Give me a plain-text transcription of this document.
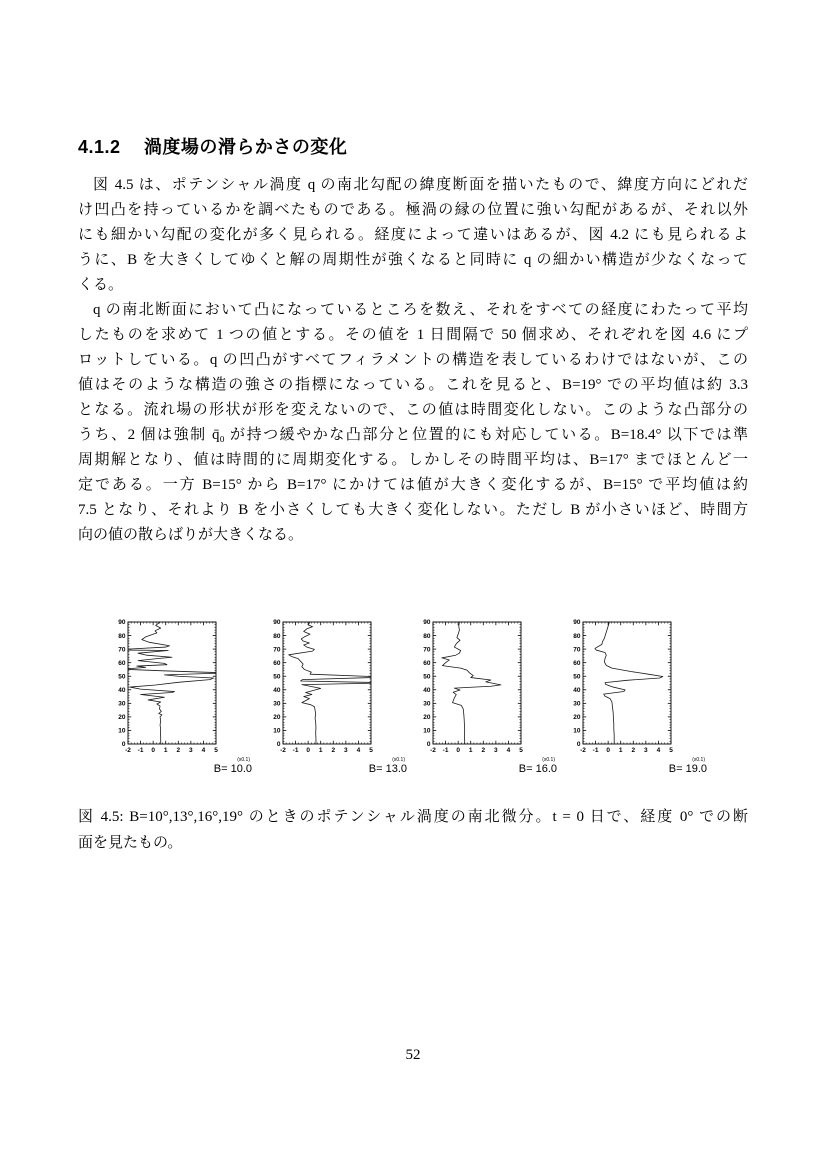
4.1.2 渦度場の滑らかさの変化
図 4.5 は、ポテンシャル渦度 q の南北勾配の緯度断面を描いたもので、緯度方向にどれだ
け凹凸を持っているかを調べたものである。極渦の縁の位置に強い勾配があるが、それ以外
にも細かい勾配の変化が多く見られる。経度によって違いはあるが、図 4.2 にも見られるよ
うに、B を大きくしてゆくと解の周期性が強くなると同時に q の細かい構造が少なくなって
くる。
q の南北断面において凸になっているところを数え、それをすべての経度にわたって平均
したものを求めて 1 つの値とする。その値を 1 日間隔で 50 個求め、それぞれを図 4.6 にプ
ロットしている。q の凹凸がすべてフィラメントの構造を表しているわけではないが、この
値はそのような構造の強さの指標になっている。これを見ると、B=19° での平均値は約 3.3
となる。流れ場の形状が形を変えないので、この値は時間変化しない。このような凸部分の
うち、2 個は強制 q̄₀ が持つ緩やかな凸部分と位置的にも対応している。B=18.4° 以下では準
周期解となり、値は時間的に周期変化する。しかしその時間平均は、B=17° までほとんど一
定である。一方 B=15° から B=17° にかけては値が大きく変化するが、B=15° で平均値は約
7.5 となり、それより B を小さくしても大きく変化しない。ただし B が小さいほど、時間方
向の値の散らばりが大きくなる。
0
10
20
30
40
50
60
70
80
90
-2 -1 0 1 2 3 4 5
(x0.1)
B= 10.0
0
10
20
30
40
50
60
70
80
90
-2 -1 0 1 2 3 4 5
(x0.1)
B= 13.0
0
10
20
30
40
50
60
70
80
90
-2 -1 0 1 2 3 4 5
(x0.1)
B= 16.0
0
10
20
30
40
50
60
70
80
90
-2 -1 0 1 2 3 4 5
(x0.1)
B= 19.0
図 4.5: B=10°,13°,16°,19° のときのポテンシャル渦度の南北微分。t = 0 日で、経度 0° での断
面を見たもの。
52
